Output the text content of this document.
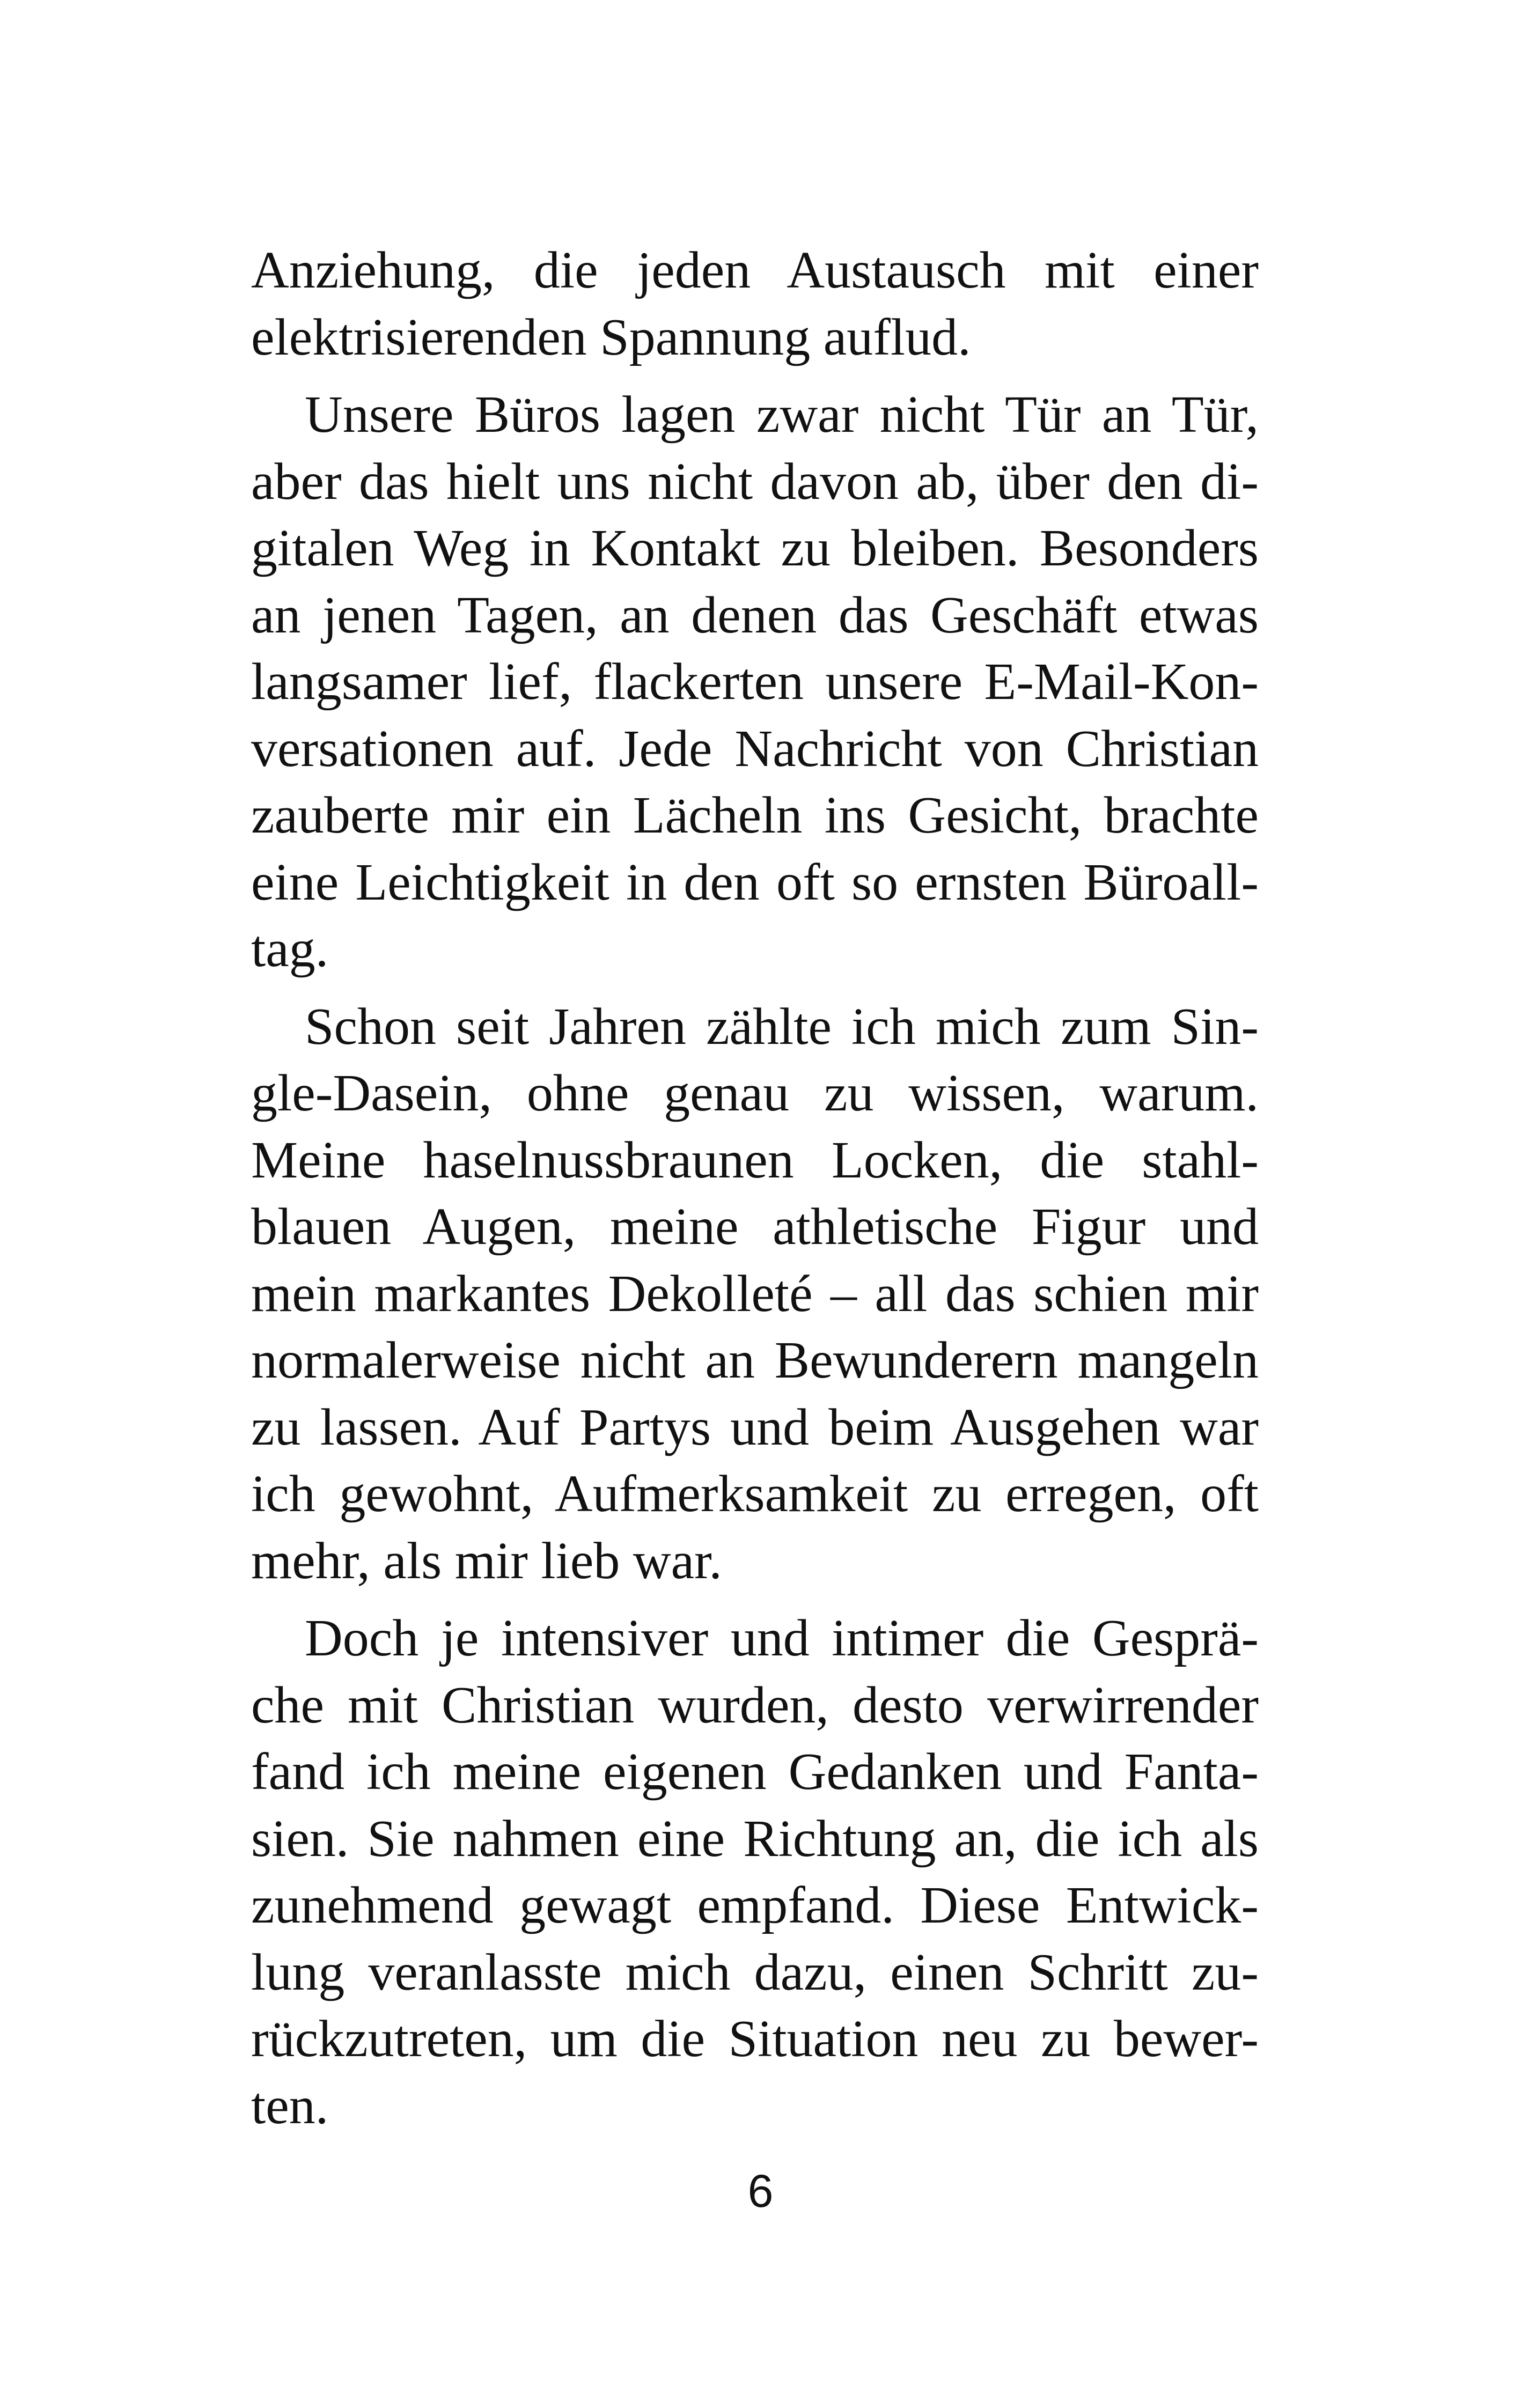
Anziehung, die jeden Austausch mit einer
elektrisierenden Spannung auflud.
Unsere Büros lagen zwar nicht Tür an Tür,
aber das hielt uns nicht davon ab, über den di-
gitalen Weg in Kontakt zu bleiben. Besonders
an jenen Tagen, an denen das Geschäft etwas
langsamer lief, flackerten unsere E-Mail-Kon-
versationen auf. Jede Nachricht von Christian
zauberte mir ein Lächeln ins Gesicht, brachte
eine Leichtigkeit in den oft so ernsten Büroall-
tag.
Schon seit Jahren zählte ich mich zum Sin-
gle-Dasein, ohne genau zu wissen, warum.
Meine haselnussbraunen Locken, die stahl-
blauen Augen, meine athletische Figur und
mein markantes Dekolleté – all das schien mir
normalerweise nicht an Bewunderern mangeln
zu lassen. Auf Partys und beim Ausgehen war
ich gewohnt, Aufmerksamkeit zu erregen, oft
mehr, als mir lieb war.
Doch je intensiver und intimer die Gesprä-
che mit Christian wurden, desto verwirrender
fand ich meine eigenen Gedanken und Fanta-
sien. Sie nahmen eine Richtung an, die ich als
zunehmend gewagt empfand. Diese Entwick-
lung veranlasste mich dazu, einen Schritt zu-
rückzutreten, um die Situation neu zu bewer-
ten.
6
